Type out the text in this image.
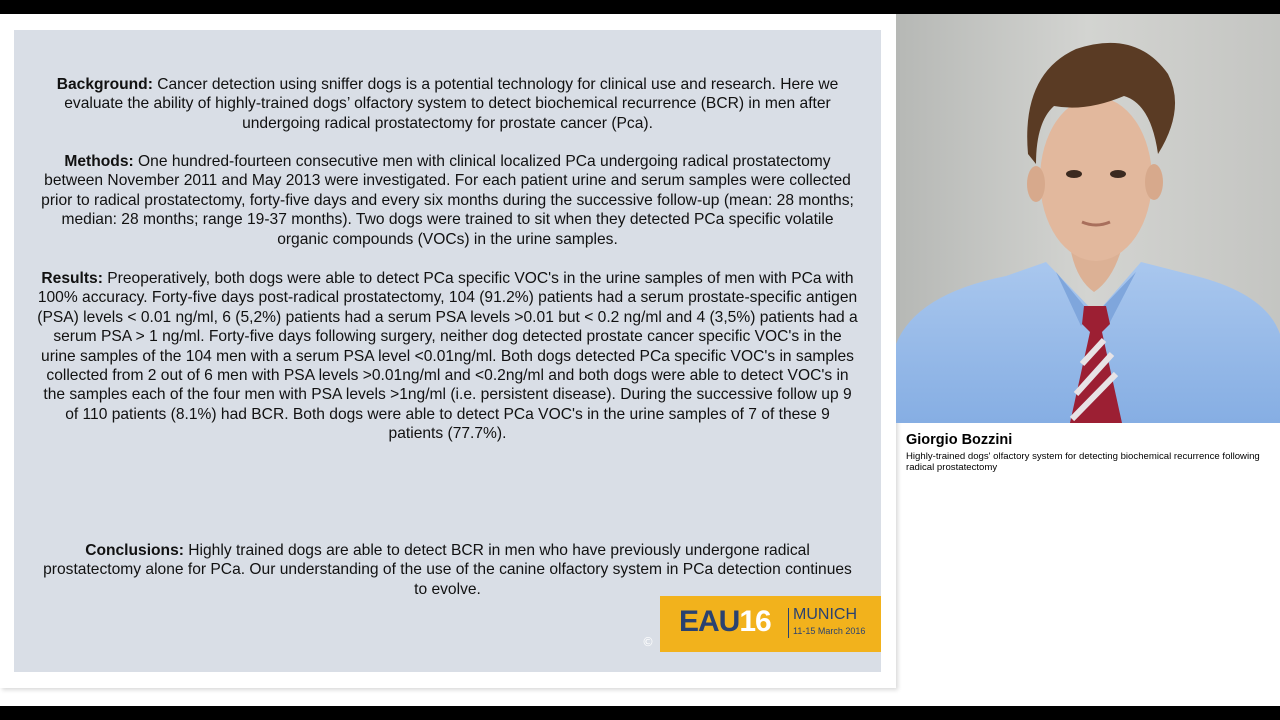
Background: Cancer detection using sniffer dogs is a potential technology for clinical use and research. Here we evaluate the ability of highly-trained dogs’ olfactory system to detect biochemical recurrence (BCR) in men after undergoing radical prostatectomy for prostate cancer (Pca).

Methods: One hundred-fourteen consecutive men with clinical localized PCa undergoing radical prostatectomy between November 2011 and May 2013 were investigated. For each patient urine and serum samples were collected prior to radical prostatectomy, forty-five days and every six months during the successive follow-up (mean: 28 months; median: 28 months; range 19-37 months). Two dogs were trained to sit when they detected PCa specific volatile organic compounds (VOCs) in the urine samples.

Results: Preoperatively, both dogs were able to detect PCa specific VOC's in the urine samples of men with PCa with 100% accuracy. Forty-five days post-radical prostatectomy, 104 (91.2%) patients had a serum prostate-specific antigen (PSA) levels < 0.01 ng/ml, 6 (5,2%) patients had a serum PSA levels >0.01 but < 0.2 ng/ml and 4 (3,5%) patients had a serum PSA > 1 ng/ml. Forty-five days following surgery, neither dog detected prostate cancer specific VOC's in the urine samples of the 104 men with a serum PSA level <0.01ng/ml. Both dogs detected PCa specific VOC's in samples collected from 2 out of 6 men with PSA levels >0.01ng/ml and <0.2ng/ml and both dogs were able to detect VOC's in the samples each of the four men with PSA levels >1ng/ml (i.e. persistent disease). During the successive follow up 9 of 110 patients (8.1%) had BCR. Both dogs were able to detect PCa VOC's in the urine samples of 7 of these 9 patients (77.7%).

Conclusions: Highly trained dogs are able to detect BCR in men who have previously undergone radical prostatectomy alone for PCa. Our understanding of the use of the canine olfactory system in PCa detection continues to evolve.

©
EAU16 MUNICH
11-15 March 2016
Giorgio Bozzini
Highly-trained dogs' olfactory system for detecting biochemical recurrence following radical prostatectomy
